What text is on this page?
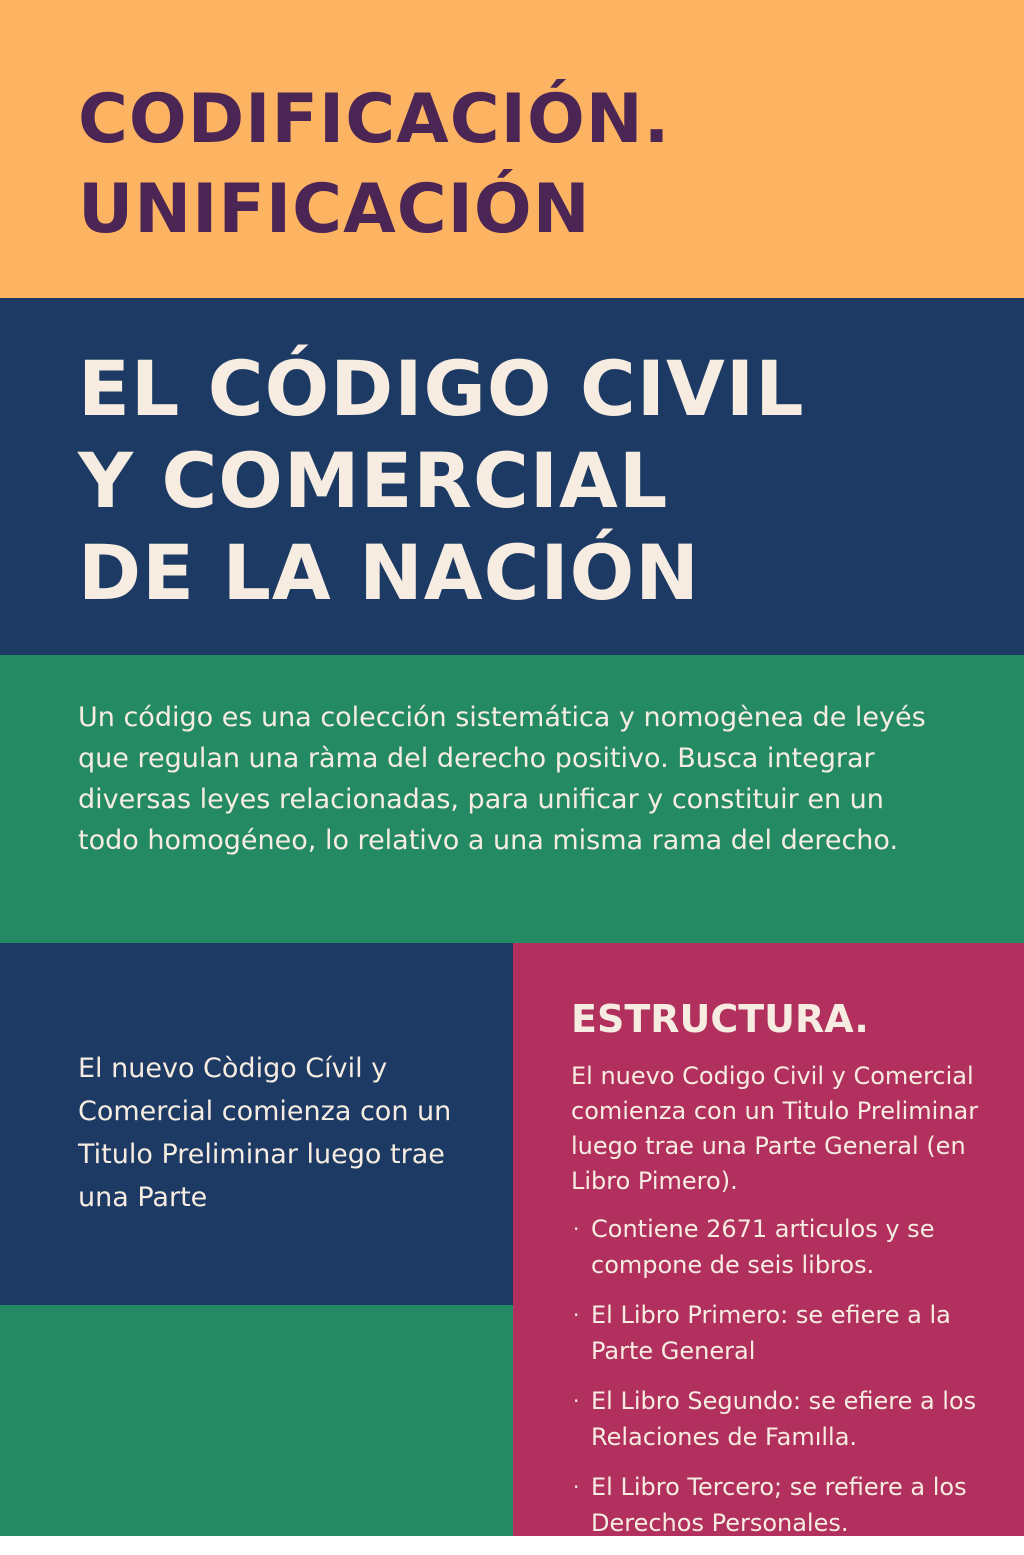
CODIFICACIÓN.
UNIFICACIÓN
EL CÓDIGO CIVIL
Y COMERCIAL
DE LA NACIÓN

Un código es una colección sistemática y nomogènea de leyés que regulan una ràma del derecho positivo. Busca integrar diversas leyes relacionadas, para unificar y constituir en un todo homogéneo, lo relativo a una misma rama del derecho.

El nuevo Còdigo Cívil y Comercial comienza con un Titulo Preliminar luego trae una Parte

ESTRUCTURA.

El nuevo Codigo Civil y Comercial comienza con un Titulo Preliminar luego trae una Parte General (en Libro Pimero).

· Contiene 2671 articulos y se compone de seis libros.
· El Libro Primero: se efiere a la Parte General
· El Libro Segundo: se efiere a los Relaciones de Famılla.
· El Libro Tercero; se refiere a los Derechos Personales.
